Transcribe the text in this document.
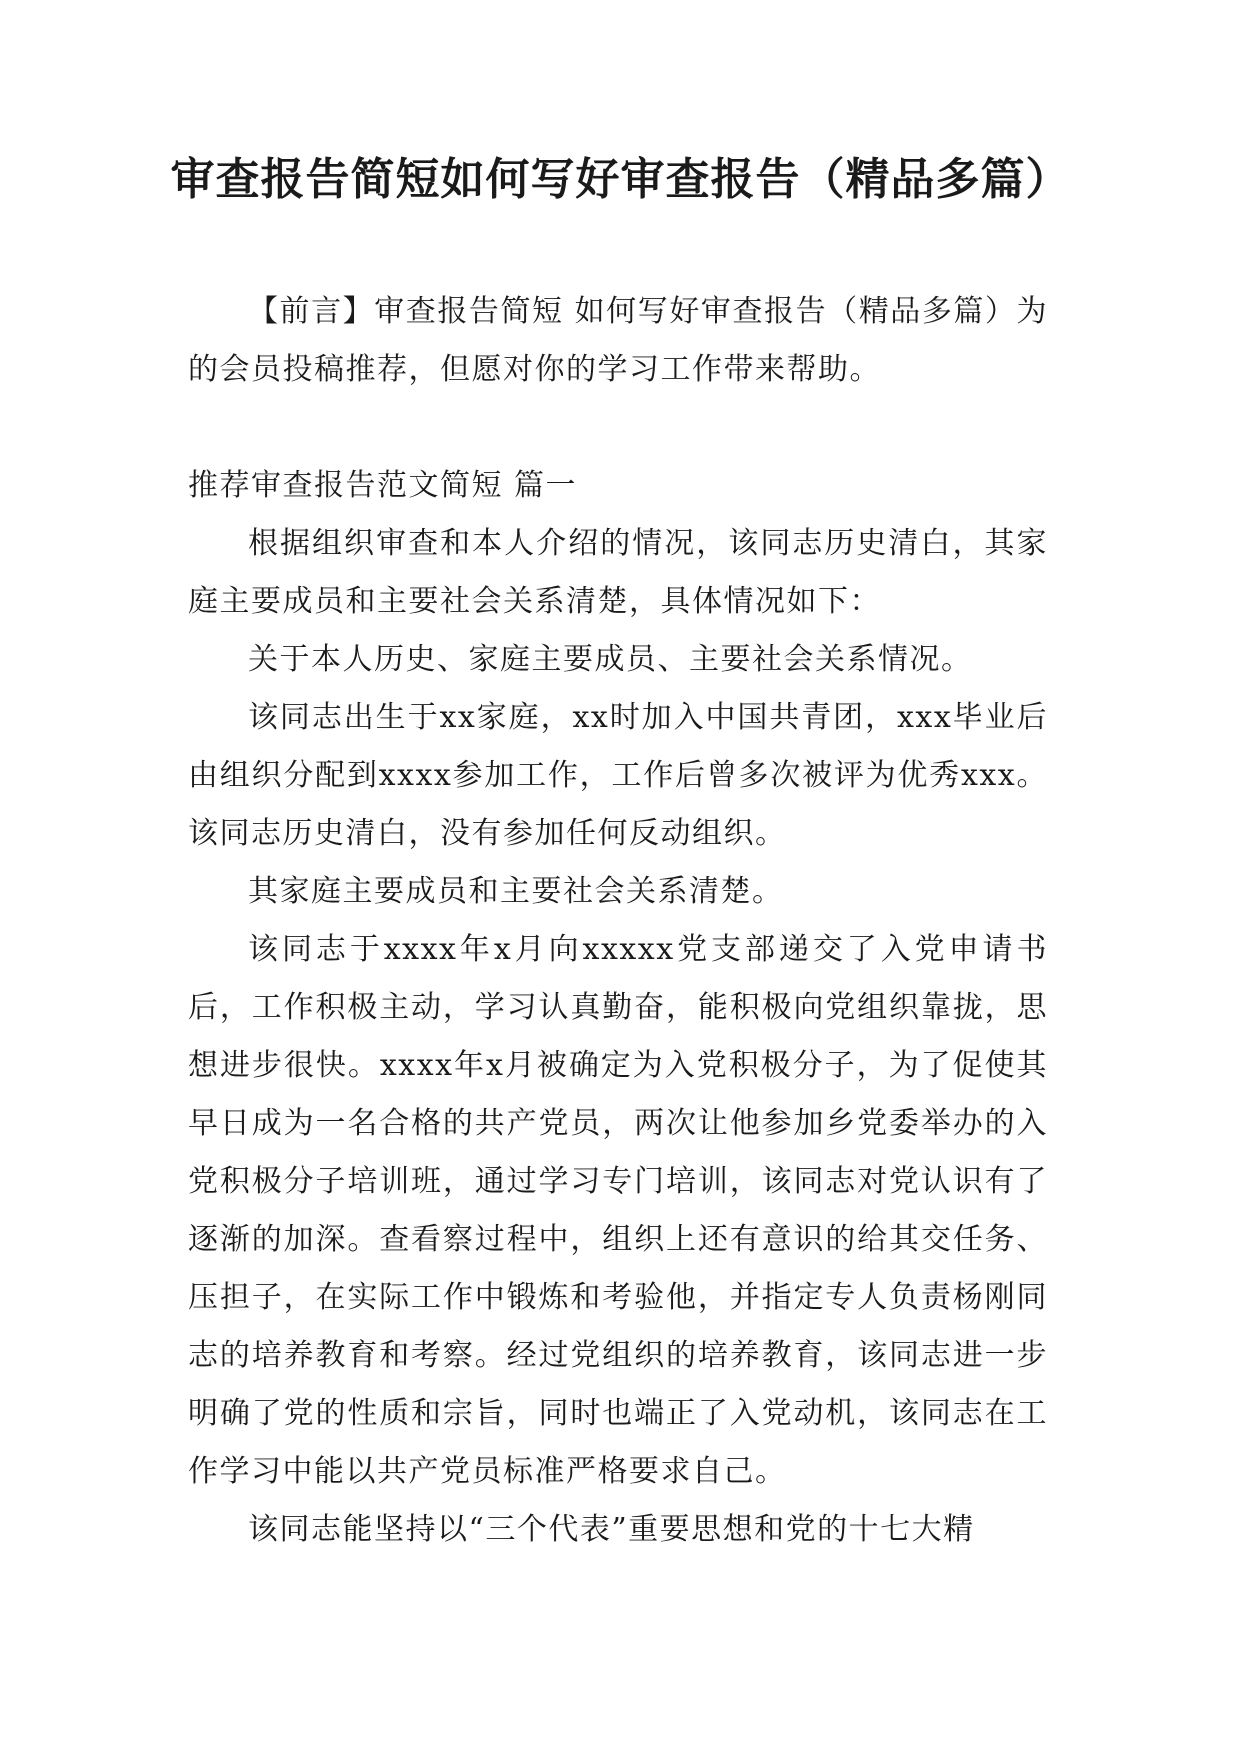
审查报告简短如何写好审查报告（精品多篇）

【前言】审查报告简短 如何写好审查报告（精品多篇）为的会员投稿推荐，但愿对你的学习工作带来帮助。

推荐审查报告范文简短 篇一

根据组织审查和本人介绍的情况，该同志历史清白，其家庭主要成员和主要社会关系清楚，具体情况如下：

关于本人历史、家庭主要成员、主要社会关系情况。

该同志出生于xx家庭，xx时加入中国共青团，xxx毕业后由组织分配到xxxx参加工作，工作后曾多次被评为优秀xxx。该同志历史清白，没有参加任何反动组织。

其家庭主要成员和主要社会关系清楚。

该同志于xxxx年x月向xxxxx党支部递交了入党申请书后，工作积极主动，学习认真勤奋，能积极向党组织靠拢，思想进步很快。xxxx年x月被确定为入党积极分子，为了促使其早日成为一名合格的共产党员，两次让他参加乡党委举办的入党积极分子培训班，通过学习专门培训，该同志对党认识有了逐渐的加深。查看察过程中，组织上还有意识的给其交任务、压担子，在实际工作中锻炼和考验他，并指定专人负责杨刚同志的培养教育和考察。经过党组织的培养教育，该同志进一步明确了党的性质和宗旨，同时也端正了入党动机，该同志在工作学习中能以共产党员标准严格要求自己。

该同志能坚持以“三个代表”重要思想和党的十七大精
